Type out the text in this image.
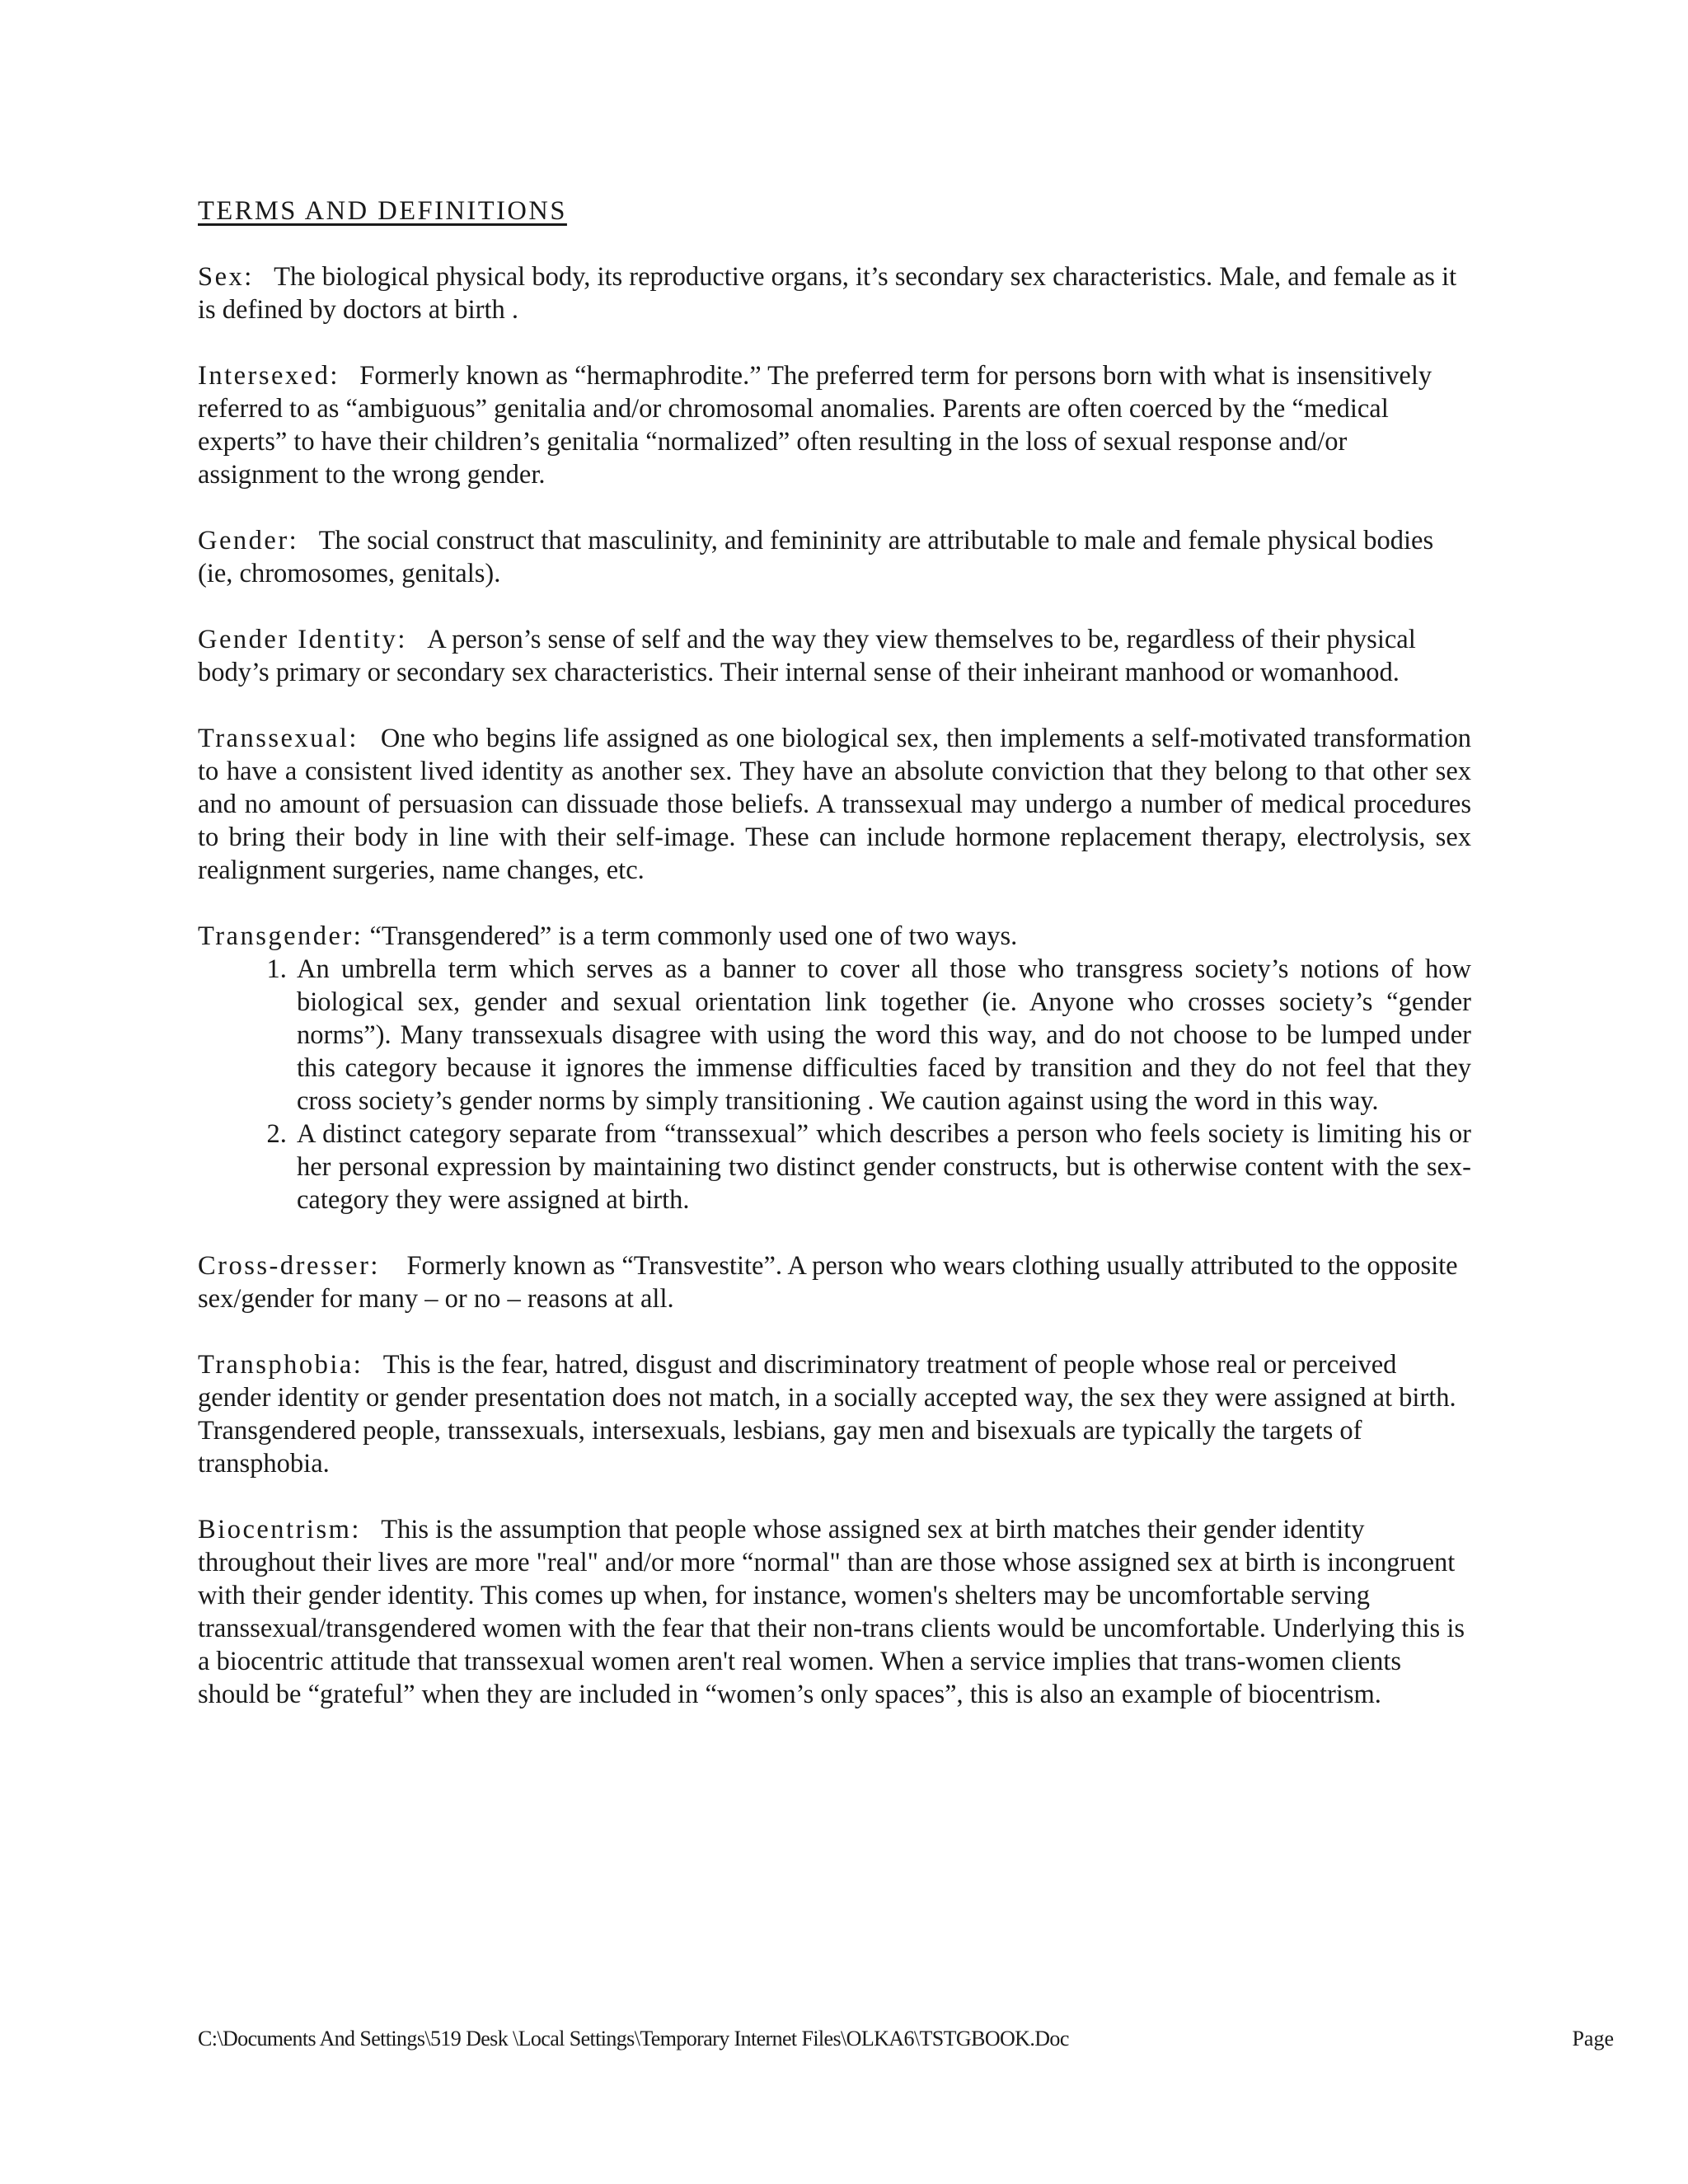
TERMS AND DEFINITIONS

Sex: The biological physical body, its reproductive organs, it’s secondary sex characteristics. Male, and female as it is defined by doctors at birth .

Intersexed: Formerly known as “hermaphrodite.” The preferred term for persons born with what is insensitively referred to as “ambiguous” genitalia and/or chromosomal anomalies. Parents are often coerced by the “medical experts” to have their children’s genitalia “normalized” often resulting in the loss of sexual response and/or assignment to the wrong gender.

Gender: The social construct that masculinity, and femininity are attributable to male and female physical bodies (ie, chromosomes, genitals).

Gender Identity: A person’s sense of self and the way they view themselves to be, regardless of their physical body’s primary or secondary sex characteristics. Their internal sense of their inheirant manhood or womanhood.

Transsexual: One who begins life assigned as one biological sex, then implements a self-motivated transformation to have a consistent lived identity as another sex. They have an absolute conviction that they belong to that other sex and no amount of persuasion can dissuade those beliefs. A transsexual may undergo a number of medical procedures to bring their body in line with their self-image. These can include hormone replacement therapy, electrolysis, sex realignment surgeries, name changes, etc.

Transgender: “Transgendered” is a term commonly used one of two ways.

1. An umbrella term which serves as a banner to cover all those who transgress society’s notions of how biological sex, gender and sexual orientation link together (ie. Anyone who crosses society’s “gender norms”). Many transsexuals disagree with using the word this way, and do not choose to be lumped under this category because it ignores the immense difficulties faced by transition and they do not feel that they cross society’s gender norms by simply transitioning . We caution against using the word in this way.
2. A distinct category separate from “transsexual” which describes a person who feels society is limiting his or her personal expression by maintaining two distinct gender constructs, but is otherwise content with the sex-category they were assigned at birth.

Cross-dresser: Formerly known as “Transvestite”. A person who wears clothing usually attributed to the opposite sex/gender for many – or no – reasons at all.

Transphobia: This is the fear, hatred, disgust and discriminatory treatment of people whose real or perceived gender identity or gender presentation does not match, in a socially accepted way, the sex they were assigned at birth. Transgendered people, transsexuals, intersexuals, lesbians, gay men and bisexuals are typically the targets of transphobia.

Biocentrism: This is the assumption that people whose assigned sex at birth matches their gender identity throughout their lives are more "real" and/or more “normal" than are those whose assigned sex at birth is incongruent with their gender identity. This comes up when, for instance, women's shelters may be uncomfortable serving transsexual/transgendered women with the fear that their non-trans clients would be uncomfortable. Underlying this is a biocentric attitude that transsexual women aren't real women. When a service implies that trans-women clients should be “grateful” when they are included in “women’s only spaces”, this is also an example of biocentrism.

C:\Documents And Settings\519 Desk \Local Settings\Temporary Internet Files\OLKA6\TSTGBOOK.Doc	Page
